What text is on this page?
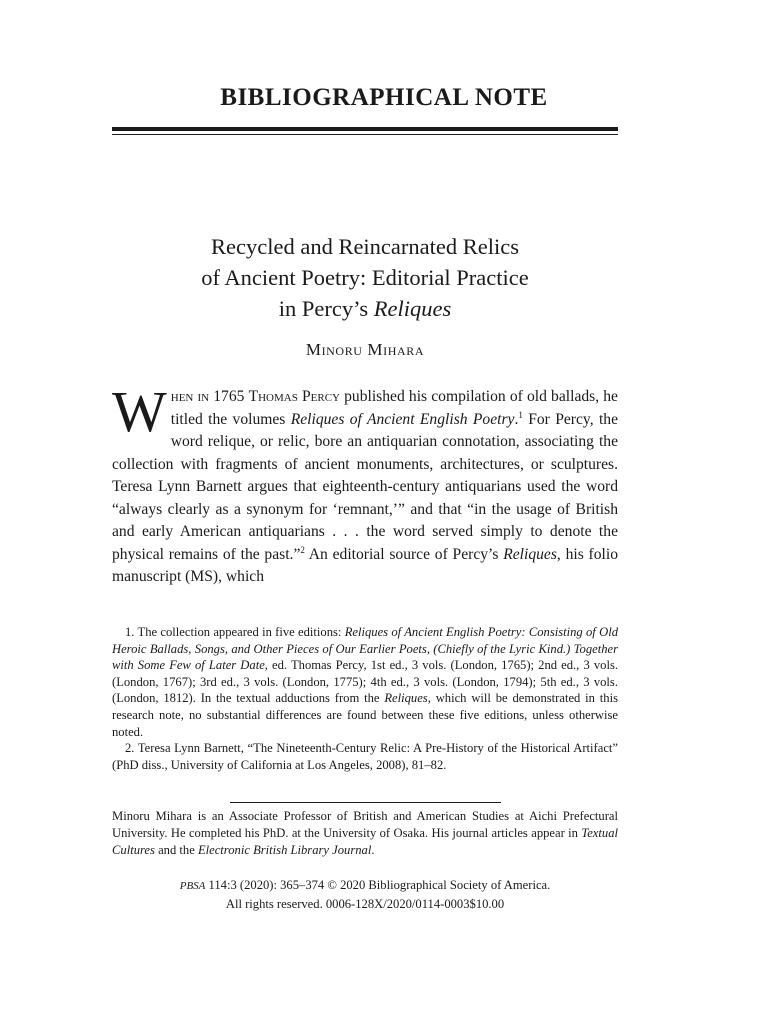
BIBLIOGRAPHICAL NOTE
Recycled and Reincarnated Relics
of Ancient Poetry: Editorial Practice
in Percy’s Reliques
Minoru Mihara
When in 1765 Thomas Percy published his compilation of old ballads, he titled the volumes Reliques of Ancient English Poetry.$^1$ For Percy, the word relique, or relic, bore an antiquarian connotation, associating the collection with fragments of ancient monuments, architectures, or sculptures. Teresa Lynn Barnett argues that eighteenth-century antiquarians used the word “always clearly as a synonym for ‘remnant,’” and that “in the usage of British and early American antiquarians . . . the word served simply to denote the physical remains of the past.”$^2$ An editorial source of Percy’s Reliques, his folio manuscript (MS), which

1. The collection appeared in five editions: Reliques of Ancient English Poetry: Consisting of Old Heroic Ballads, Songs, and Other Pieces of Our Earlier Poets, (Chiefly of the Lyric Kind.) Together with Some Few of Later Date, ed. Thomas Percy, 1st ed., 3 vols. (London, 1765); 2nd ed., 3 vols. (London, 1767); 3rd ed., 3 vols. (London, 1775); 4th ed., 3 vols. (London, 1794); 5th ed., 3 vols. (London, 1812). In the textual adductions from the Reliques, which will be demonstrated in this research note, no substantial differences are found between these five editions, unless otherwise noted.

2. Teresa Lynn Barnett, “The Nineteenth-Century Relic: A Pre-History of the Historical Artifact” (PhD diss., University of California at Los Angeles, 2008), 81–82.

Minoru Mihara is an Associate Professor of British and American Studies at Aichi Prefectural University. He completed his PhD. at the University of Osaka. His journal articles appear in Textual Cultures and the Electronic British Library Journal.
PBSA 114:3 (2020): 365–374 © 2020 Bibliographical Society of America.
All rights reserved. 0006-128X/2020/0114-0003$10.00
